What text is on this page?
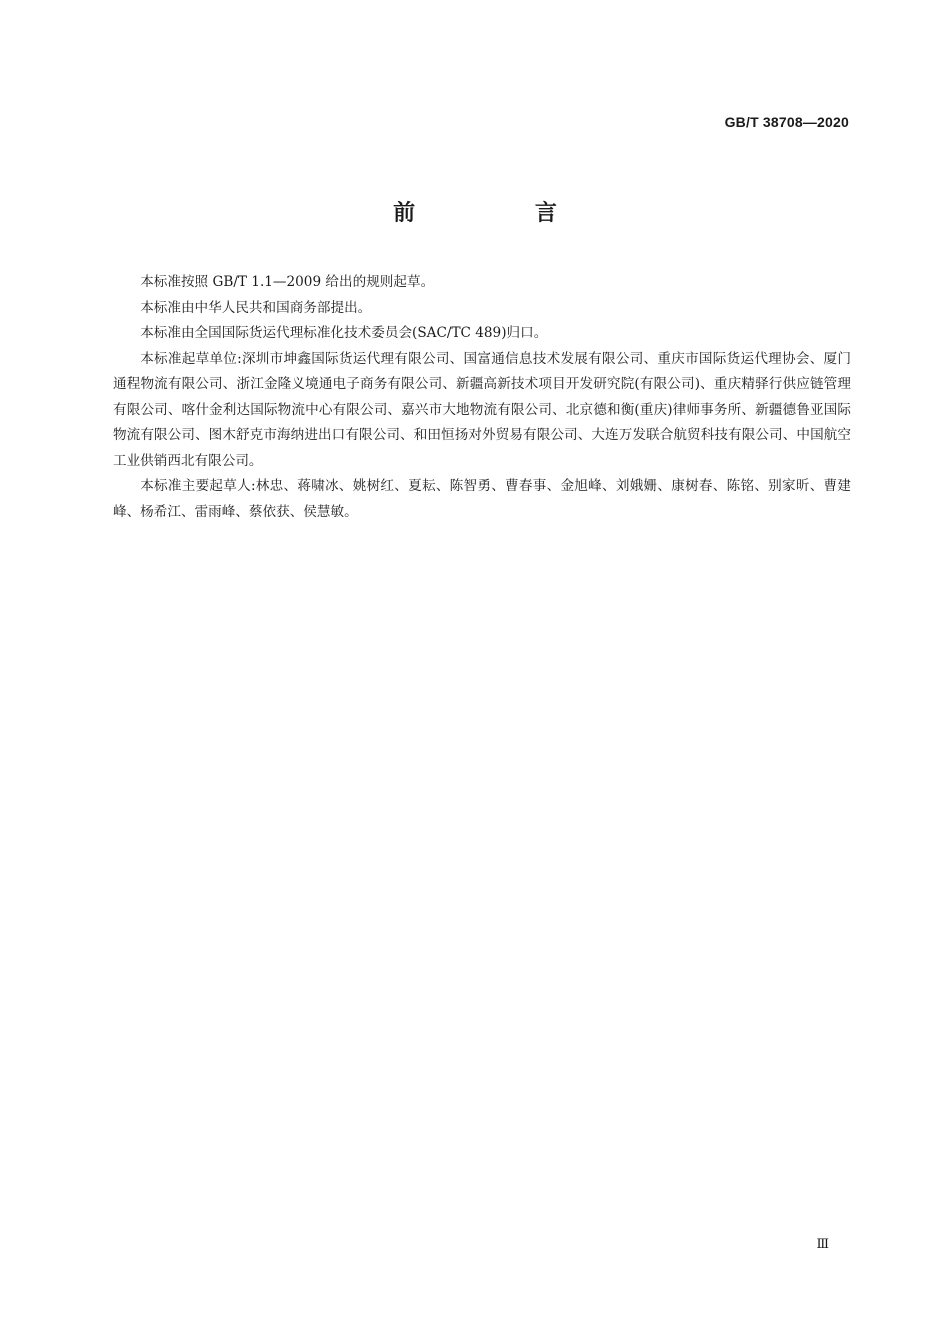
GB/T 38708—2020
前 言

本标准按照 GB/T 1.1—2009 给出的规则起草。

本标准由中华人民共和国商务部提出。

本标准由全国国际货运代理标准化技术委员会(SAC/TC 489)归口。

本标准起草单位:深圳市坤鑫国际货运代理有限公司、国富通信息技术发展有限公司、重庆市国际货运代理协会、厦门通程物流有限公司、浙江金隆义境通电子商务有限公司、新疆高新技术项目开发研究院(有限公司)、重庆精驿行供应链管理有限公司、喀什金利达国际物流中心有限公司、嘉兴市大地物流有限公司、北京德和衡(重庆)律师事务所、新疆德鲁亚国际物流有限公司、图木舒克市海纳进出口有限公司、和田恒扬对外贸易有限公司、大连万发联合航贸科技有限公司、中国航空工业供销西北有限公司。

本标准主要起草人:林忠、蒋啸冰、姚树红、夏耘、陈智勇、曹春事、金旭峰、刘娥姗、康树春、陈铭、别家昕、曹建峰、杨希江、雷雨峰、蔡依获、侯慧敏。

Ⅲ
